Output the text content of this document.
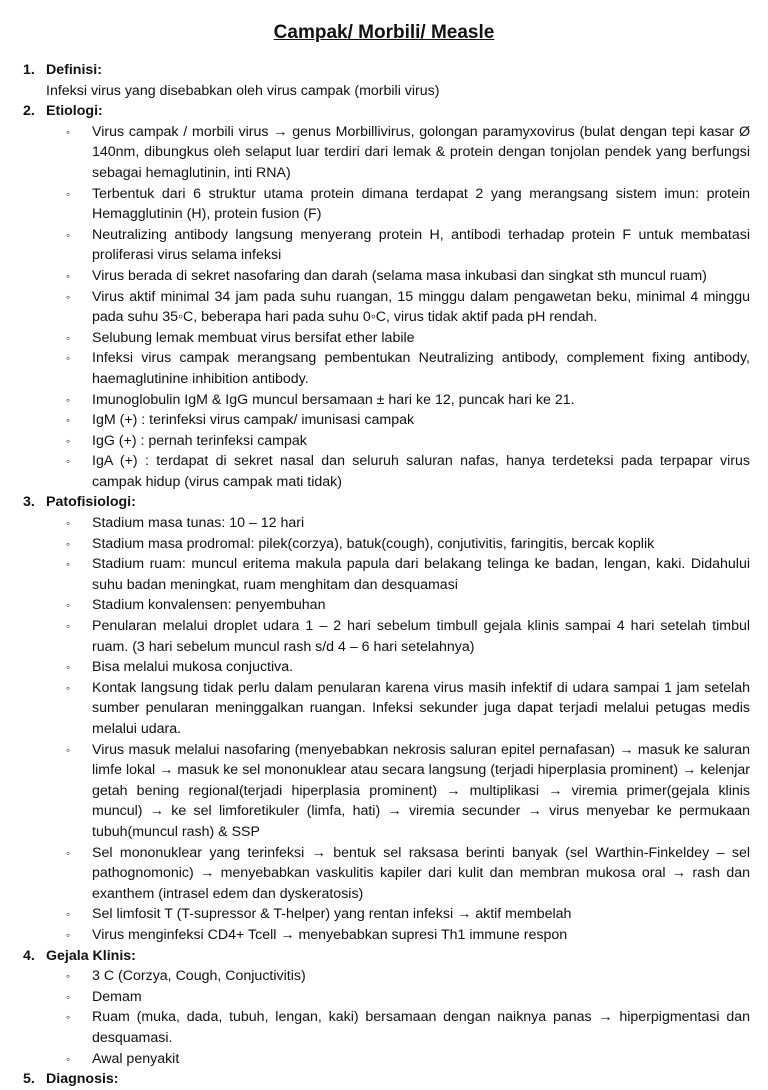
Campak/ Morbili/ Measle
1. Definisi:
Infeksi virus yang disebabkan oleh virus campak (morbili virus)
2. Etiologi:
◦ Virus campak / morbili virus → genus Morbillivirus, golongan paramyxovirus (bulat dengan tepi kasar Ø 140nm, dibungkus oleh selaput luar terdiri dari lemak & protein dengan tonjolan pendek yang berfungsi sebagai hemaglutinin, inti RNA)
◦ Terbentuk dari 6 struktur utama protein dimana terdapat 2 yang merangsang sistem imun: protein Hemagglutinin (H), protein fusion (F)
◦ Neutralizing antibody langsung menyerang protein H, antibodi terhadap protein F untuk membatasi proliferasi virus selama infeksi
◦ Virus berada di sekret nasofaring dan darah (selama masa inkubasi dan singkat sth muncul ruam)
◦ Virus aktif minimal 34 jam pada suhu ruangan, 15 minggu dalam pengawetan beku, minimal 4 minggu pada suhu 35◦C, beberapa hari pada suhu 0◦C, virus tidak aktif pada pH rendah.
◦ Selubung lemak membuat virus bersifat ether labile
◦ Infeksi virus campak merangsang pembentukan Neutralizing antibody, complement fixing antibody, haemaglutinine inhibition antibody.
◦ Imunoglobulin IgM & IgG muncul bersamaan ± hari ke 12, puncak hari ke 21.
◦ IgM (+) : terinfeksi virus campak/ imunisasi campak
◦ IgG (+) : pernah terinfeksi campak
◦ IgA (+) : terdapat di sekret nasal dan seluruh saluran nafas, hanya terdeteksi pada terpapar virus campak hidup (virus campak mati tidak)
3. Patofisiologi:
◦ Stadium masa tunas: 10 – 12 hari
◦ Stadium masa prodromal: pilek(corzya), batuk(cough), conjutivitis, faringitis, bercak koplik
◦ Stadium ruam: muncul eritema makula papula dari belakang telinga ke badan, lengan, kaki. Didahului suhu badan meningkat, ruam menghitam dan desquamasi
◦ Stadium konvalensen: penyembuhan
◦ Penularan melalui droplet udara 1 – 2 hari sebelum timbull gejala klinis sampai 4 hari setelah timbul ruam. (3 hari sebelum muncul rash s/d 4 – 6 hari setelahnya)
◦ Bisa melalui mukosa conjuctiva.
◦ Kontak langsung tidak perlu dalam penularan karena virus masih infektif di udara sampai 1 jam setelah sumber penularan meninggalkan ruangan. Infeksi sekunder juga dapat terjadi melalui petugas medis melalui udara.
◦ Virus masuk melalui nasofaring (menyebabkan nekrosis saluran epitel pernafasan) → masuk ke saluran limfe lokal → masuk ke sel mononuklear atau secara langsung (terjadi hiperplasia prominent) → kelenjar getah bening regional(terjadi hiperplasia prominent) → multiplikasi → viremia primer(gejala klinis muncul) → ke sel limforetikuler (limfa, hati) → viremia secunder → virus menyebar ke permukaan tubuh(muncul rash) & SSP
◦ Sel mononuklear yang terinfeksi → bentuk sel raksasa berinti banyak (sel Warthin-Finkeldey – sel pathognomonic) → menyebabkan vaskulitis kapiler dari kulit dan membran mukosa oral → rash dan exanthem (intrasel edem dan dyskeratosis)
◦ Sel limfosit T (T-supressor & T-helper) yang rentan infeksi → aktif membelah
◦ Virus menginfeksi CD4+ Tcell → menyebabkan supresi Th1 immune respon
4. Gejala Klinis:
◦ 3 C (Corzya, Cough, Conjuctivitis)
◦ Demam
◦ Ruam (muka, dada, tubuh, lengan, kaki) bersamaan dengan naiknya panas → hiperpigmentasi dan desquamasi.
◦ Awal penyakit
5. Diagnosis:
